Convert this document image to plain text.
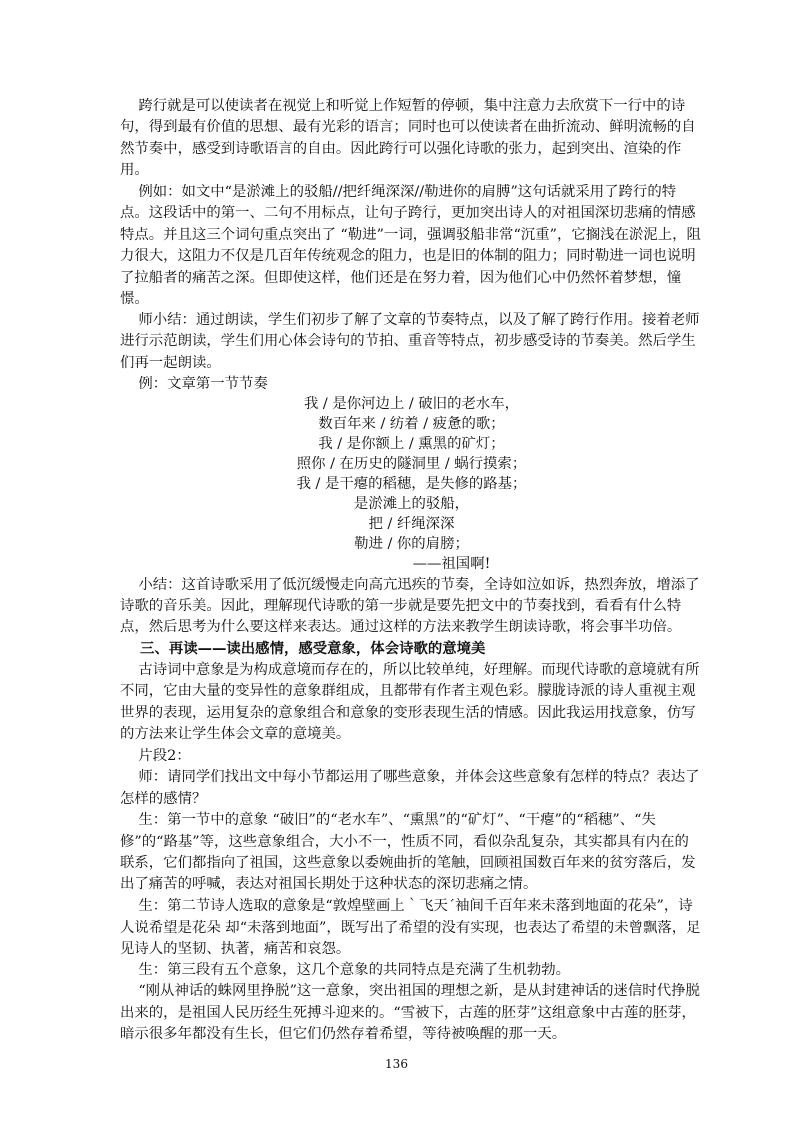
跨行就是可以使读者在视觉上和听觉上作短暂的停顿，集中注意力去欣赏下一行中的诗句，得到最有价值的思想、最有光彩的语言；同时也可以使读者在曲折流动、鲜明流畅的自然节奏中，感受到诗歌语言的自由。因此跨行可以强化诗歌的张力，起到突出、渲染的作用。

例如：如文中“是淤滩上的驳船//把纤绳深深//勒进你的肩膊”这句话就采用了跨行的特点。这段话中的第一、二句不用标点，让句子跨行，更加突出诗人的对祖国深切悲痛的情感特点。并且这三个词句重点突出了 “勒进”一词，强调驳船非常“沉重”，它搁浅在淤泥上，阻力很大，这阻力不仅是几百年传统观念的阻力，也是旧的体制的阻力；同时勒进一词也说明了拉船者的痛苦之深。但即使这样，他们还是在努力着，因为他们心中仍然怀着梦想，憧憬。

师小结：通过朗读，学生们初步了解了文章的节奏特点，以及了解了跨行作用。接着老师进行示范朗读，学生们用心体会诗句的节拍、重音等特点，初步感受诗的节奏美。然后学生们再一起朗读。

例：文章第一节节奏

我 / 是你河边上 / 破旧的老水车，
数百年来 / 纺着 / 疲惫的歌；
我 / 是你额上 / 熏黑的矿灯；
照你 / 在历史的隧洞里 / 蜗行摸索；
我 / 是干瘪的稻穗，是失修的路基；
是淤滩上的驳船，
把 / 纤绳深深
勒进 / 你的肩膀；
——祖国啊!

小结：这首诗歌采用了低沉缓慢走向高亢迅疾的节奏，全诗如泣如诉，热烈奔放，增添了诗歌的音乐美。因此，理解现代诗歌的第一步就是要先把文中的节奏找到，看看有什么特点，然后思考为什么要这样来表达。通过这样的方法来教学生朗读诗歌，将会事半功倍。

三、再读——读出感情，感受意象，体会诗歌的意境美

古诗词中意象是为构成意境而存在的，所以比较单纯，好理解。而现代诗歌的意境就有所不同，它由大量的变异性的意象群组成，且都带有作者主观色彩。朦胧诗派的诗人重视主观世界的表现，运用复杂的意象组合和意象的变形表现生活的情感。因此我运用找意象，仿写的方法来让学生体会文章的意境美。

片段2：

师：请同学们找出文中每小节都运用了哪些意象，并体会这些意象有怎样的特点？表达了怎样的感情？

生：第一节中的意象 “破旧”的“老水车”、“熏黑”的“矿灯”、“干瘪”的“稻穗”、“失修”的“路基”等，这些意象组合，大小不一，性质不同，看似杂乱复杂，其实都具有内在的联系，它们都指向了祖国，这些意象以委婉曲折的笔触，回顾祖国数百年来的贫穷落后，发出了痛苦的呼喊，表达对祖国长期处于这种状态的深切悲痛之情。

生：第二节诗人选取的意象是“敦煌壁画上｀飞天´袖间千百年来未落到地面的花朵”，诗人说希望是花朵 却“未落到地面”，既写出了希望的没有实现，也表达了希望的未曾飘落，足见诗人的坚韧、执著，痛苦和哀怨。

生：第三段有五个意象，这几个意象的共同特点是充满了生机勃勃。

“刚从神话的蛛网里挣脱”这一意象，突出祖国的理想之新，是从封建神话的迷信时代挣脱出来的，是祖国人民历经生死搏斗迎来的。“雪被下，古莲的胚芽”这组意象中古莲的胚芽，暗示很多年都没有生长，但它们仍然存着希望，等待被唤醒的那一天。

136
